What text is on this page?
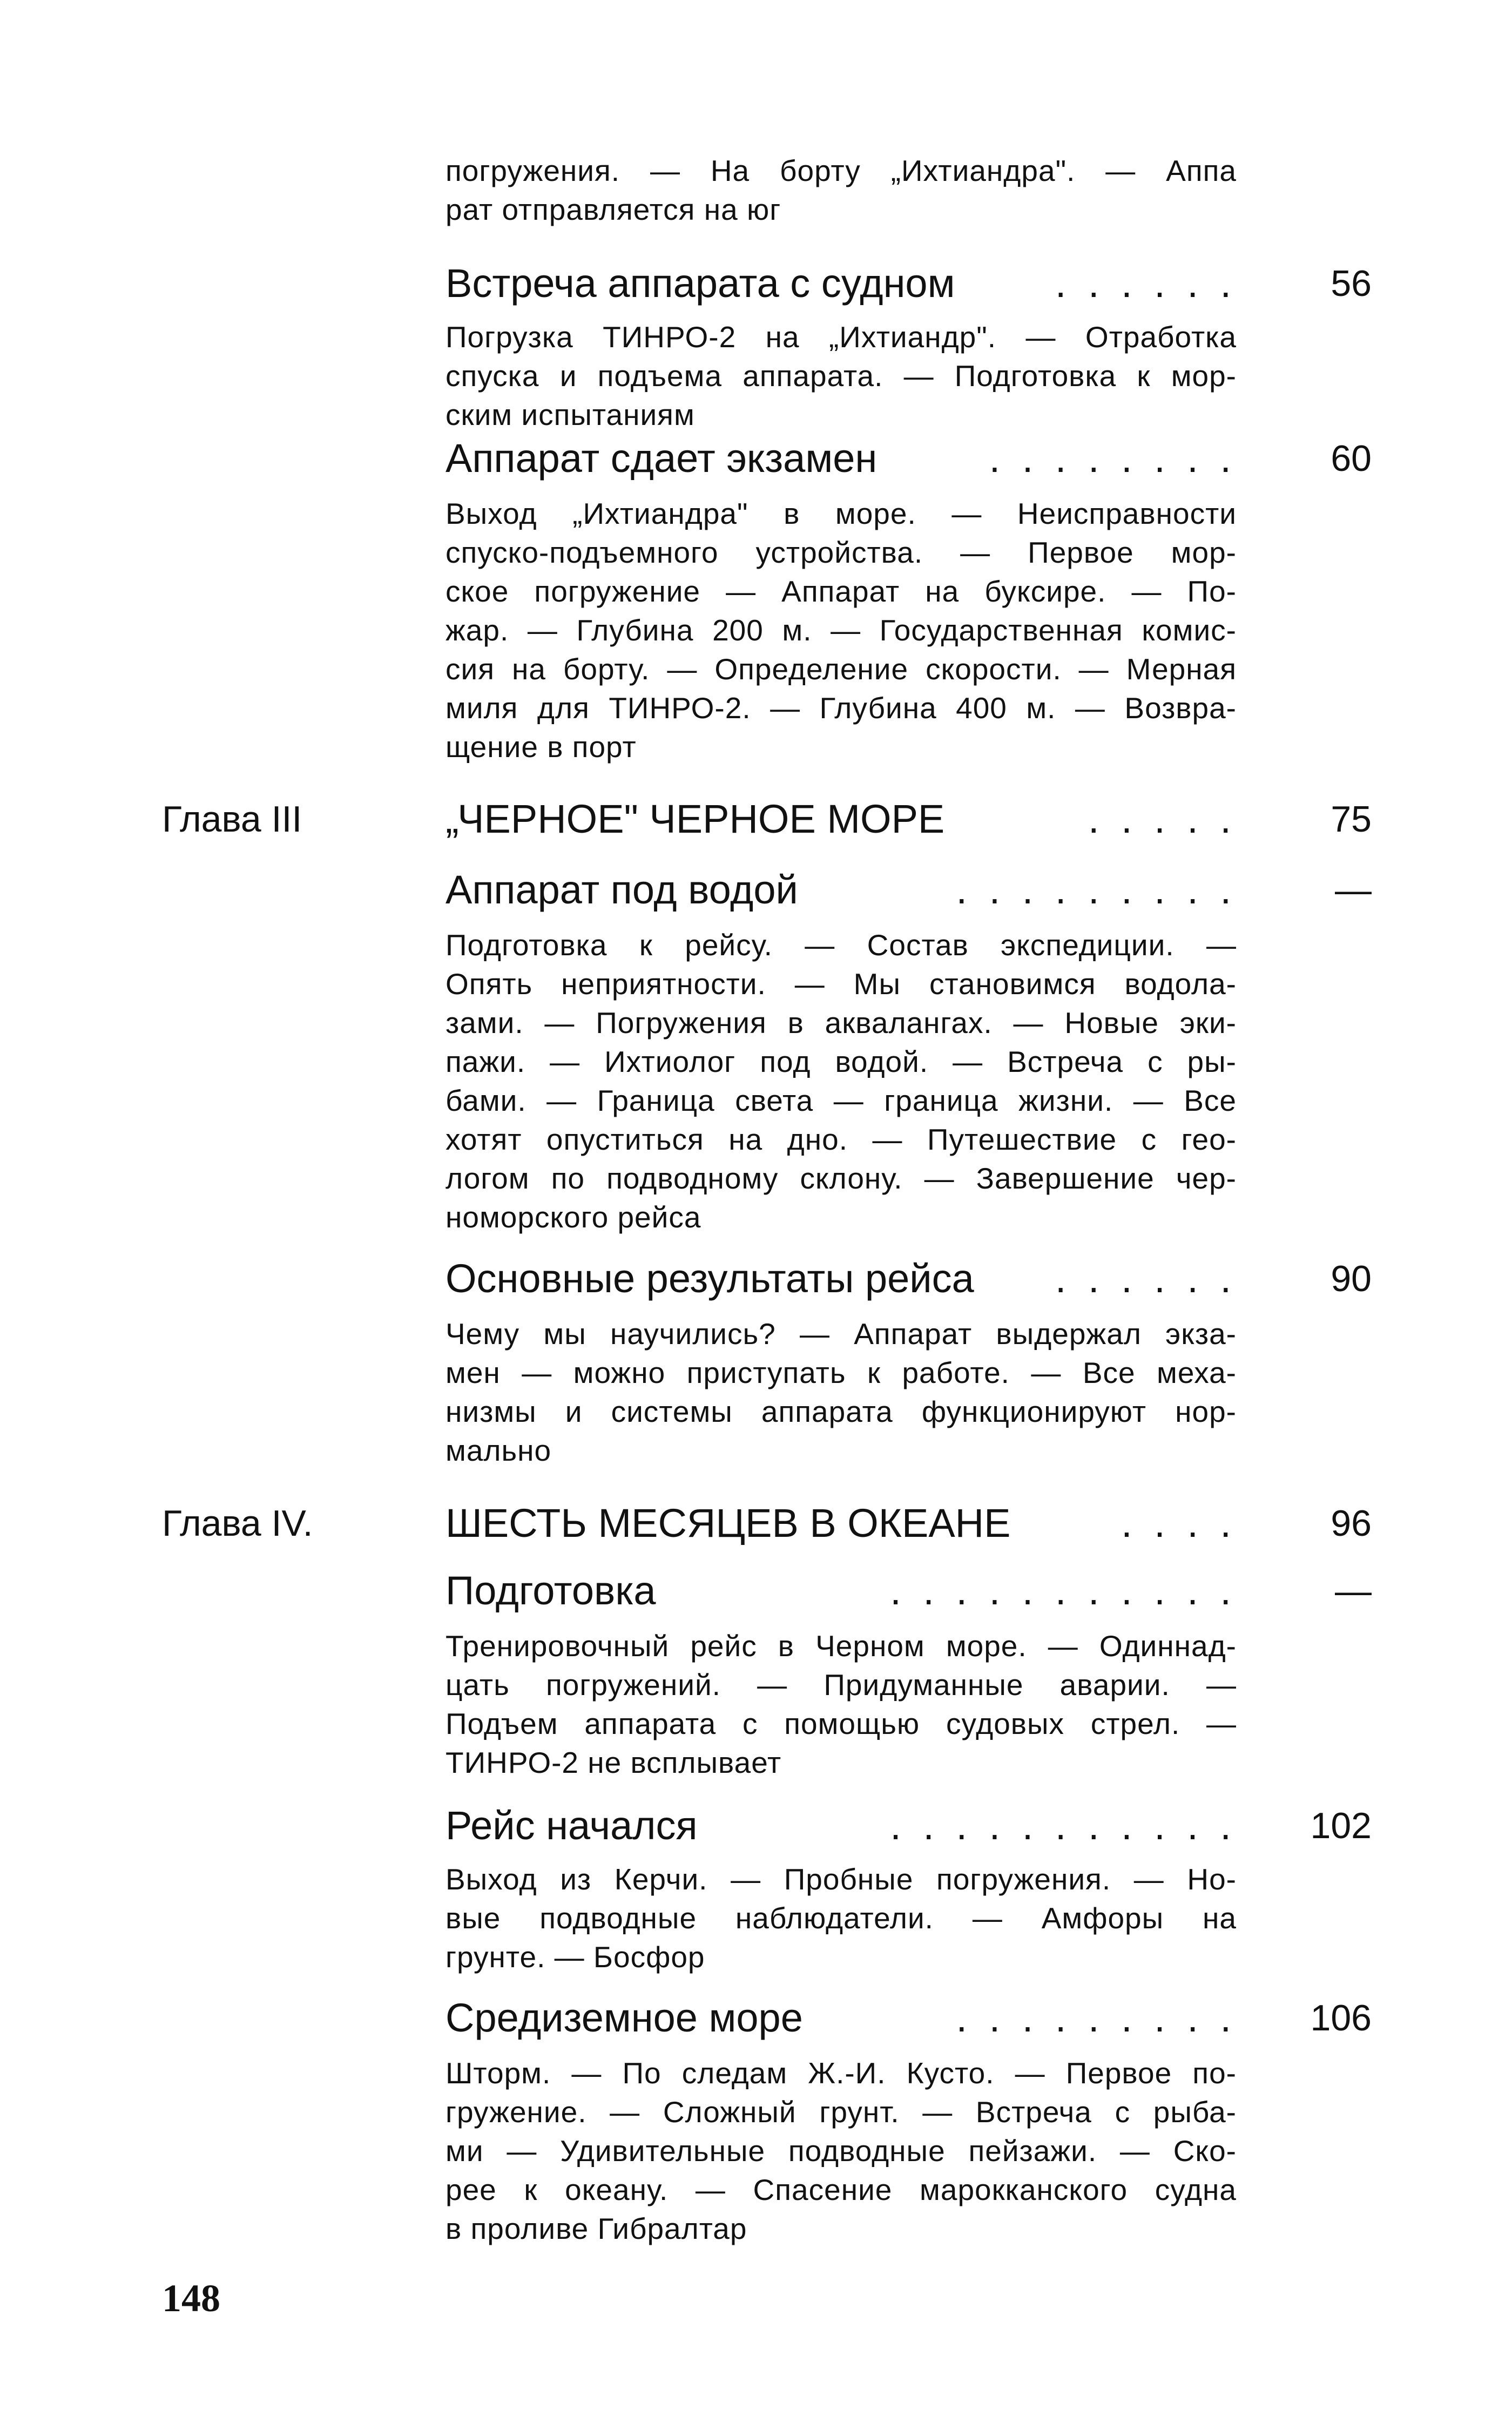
погружения. — На борту „Ихтиандра". — Аппа
рат отправляется на юг
Встреча аппарата с судном	. . . . . .	56
Погрузка ТИНРО-2 на „Ихтиандр". — Отработка
спуска и подъема аппарата. — Подготовка к мор-
ским испытаниям
Аппарат сдает экзамен	. . . . . . . .	60
Выход „Ихтиандра" в море. — Неисправности
спуско-подъемного устройства. — Первое мор-
ское погружение — Аппарат на буксире. — По-
жар. — Глубина 200 м. — Государственная комис-
сия на борту. — Определение скорости. — Мерная
миля для ТИНРО-2. — Глубина 400 м. — Возвра-
щение в порт
Глава III	„ЧЕРНОЕ" ЧЕРНОЕ МОРЕ	. . . . .	75
Аппарат под водой	. . . . . . . . .	—
Подготовка к рейсу. — Состав экспедиции. —
Опять неприятности. — Мы становимся водола-
зами. — Погружения в аквалангах. — Новые эки-
пажи. — Ихтиолог под водой. — Встреча с ры-
бами. — Граница света — граница жизни. — Все
хотят опуститься на дно. — Путешествие с гео-
логом по подводному склону. — Завершение чер-
номорского рейса
Основные результаты рейса	. . . . . .	90
Чему мы научились? — Аппарат выдержал экза-
мен — можно приступать к работе. — Все меха-
низмы и системы аппарата функционируют нор-
мально
Глава IV.	ШЕСТЬ МЕСЯЦЕВ В ОКЕАНЕ	. . . .	96
Подготовка	. . . . . . . . . . .	—
Тренировочный рейс в Черном море. — Одиннад-
цать погружений. — Придуманные аварии. —
Подъем аппарата с помощью судовых стрел. —
ТИНРО-2 не всплывает
Рейс начался	. . . . . . . . . . . 102
Выход из Керчи. — Пробные погружения. — Но-
вые подводные наблюдатели. — Амфоры на
грунте. — Босфор
Средиземное море	. . . . . . . . . 106
Шторм. — По следам Ж.-И. Кусто. — Первое по-
гружение. — Сложный грунт. — Встреча с рыба-
ми — Удивительные подводные пейзажи. — Ско-
рее к океану. — Спасение марокканского судна
в проливе Гибралтар
148
